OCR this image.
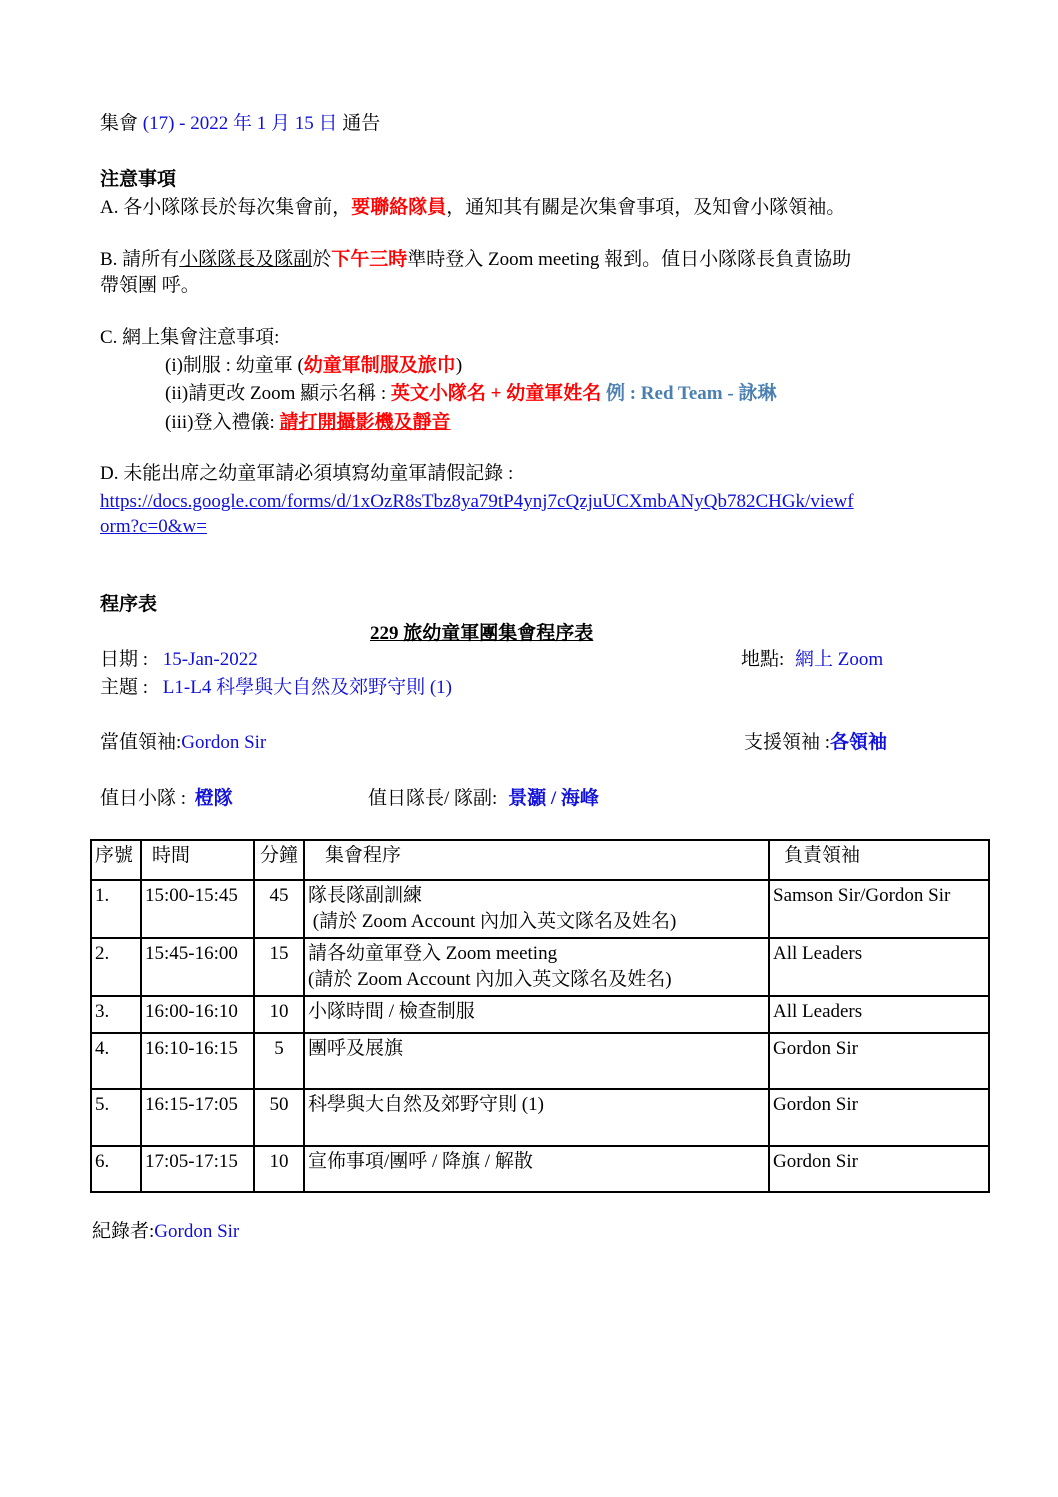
集會 (17) - 2022 年 1 月 15 日 通告
注意事項
A. 各小隊隊長於每次集會前，要聯絡隊員，通知其有關是次集會事項，及知會小隊領袖。
B. 請所有小隊隊長及隊副於下午三時準時登入 Zoom meeting 報到。值日小隊隊長負責協助
帶領團 呼。
C. 網上集會注意事項:
(i)制服 : 幼童軍 (幼童軍制服及旅巾)
(ii)請更改 Zoom 顯示名稱 : 英文小隊名 + 幼童軍姓名 例 : Red Team - 詠琳
(iii)登入禮儀: 請打開攝影機及靜音
D. 未能出席之幼童軍請必須填寫幼童軍請假記錄 :
https://docs.google.com/forms/d/1xOzR8sTbz8ya79tP4ynj7cQzjuUCXmbANyQb782CHGk/viewf
orm?c=0&w=
程序表
229 旅幼童軍團集會程序表
日期 : 15-Jan-2022	地點: 網上 Zoom
主題 : L1-L4 科學與大自然及郊野守則 (1)
當值領袖:Gordon Sir	支援領袖 :各領袖
值日小隊 : 橙隊	值日隊長/ 隊副: 景灝 / 海峰
序號	時間	分鐘	集會程序	負責領袖
1.	15:00-15:45	45	隊長隊副訓練
(請於 Zoom Account 內加入英文隊名及姓名)	Samson Sir/Gordon Sir
2.	15:45-16:00	15	請各幼童軍登入 Zoom meeting
(請於 Zoom Account 內加入英文隊名及姓名)	All Leaders
3.	16:00-16:10	10	小隊時間 / 檢查制服	All Leaders
4.	16:10-16:15	5	團呼及展旗	Gordon Sir
5.	16:15-17:05	50	科學與大自然及郊野守則 (1)	Gordon Sir
6.	17:05-17:15	10	宣佈事項/團呼 / 降旗 / 解散	Gordon Sir
紀錄者:Gordon Sir
